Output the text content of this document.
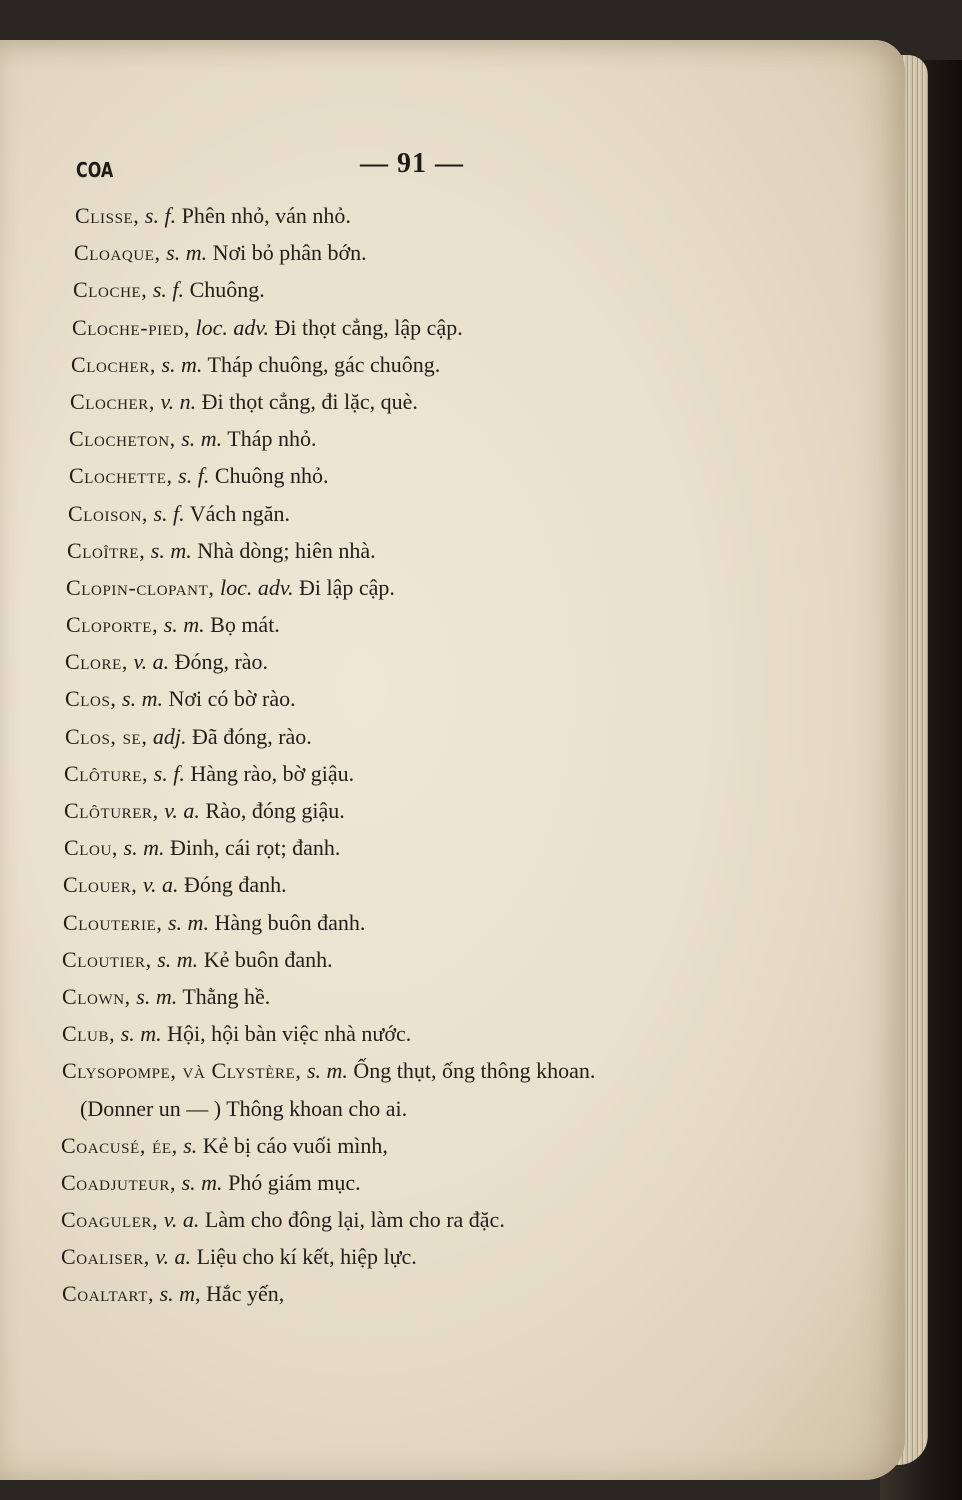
COA	— 91 —
Clisse, s. f. Phên nhỏ, ván nhỏ.
Cloaque, s. m. Nơi bỏ phân bớn.
Cloche, s. f. Chuông.
Cloche-pied, loc. adv. Đi thọt cẳng, lập cập.
Clocher, s. m. Tháp chuông, gác chuông.
Clocher, v. n. Đi thọt cẳng, đi lặc, què.
Clocheton, s. m. Tháp nhỏ.
Clochette, s. f. Chuông nhỏ.
Cloison, s. f. Vách ngăn.
Cloître, s. m. Nhà dòng; hiên nhà.
Clopin-clopant, loc. adv. Đi lập cập.
Cloporte, s. m. Bọ mát.
Clore, v. a. Đóng, rào.
Clos, s. m. Nơi có bờ rào.
Clos, se, adj. Đã đóng, rào.
Clôture, s. f. Hàng rào, bờ giậu.
Clôturer, v. a. Rào, đóng giậu.
Clou, s. m. Đinh, cái rọt; đanh.
Clouer, v. a. Đóng đanh.
Clouterie, s. m. Hàng buôn đanh.
Cloutier, s. m. Kẻ buôn đanh.
Clown, s. m. Thằng hề.
Club, s. m. Hội, hội bàn việc nhà nước.
Clysopompe, và Clystère, s. m. Ống thụt, ống thông khoan.
(Donner un — ) Thông khoan cho ai.
Coacusé, ée, s. Kẻ bị cáo vuối mình,
Coadjuteur, s. m. Phó giám mục.
Coaguler, v. a. Làm cho đông lại, làm cho ra đặc.
Coaliser, v. a. Liệu cho kí kết, hiệp lực.
Coaltart, s. m, Hắc yến,
